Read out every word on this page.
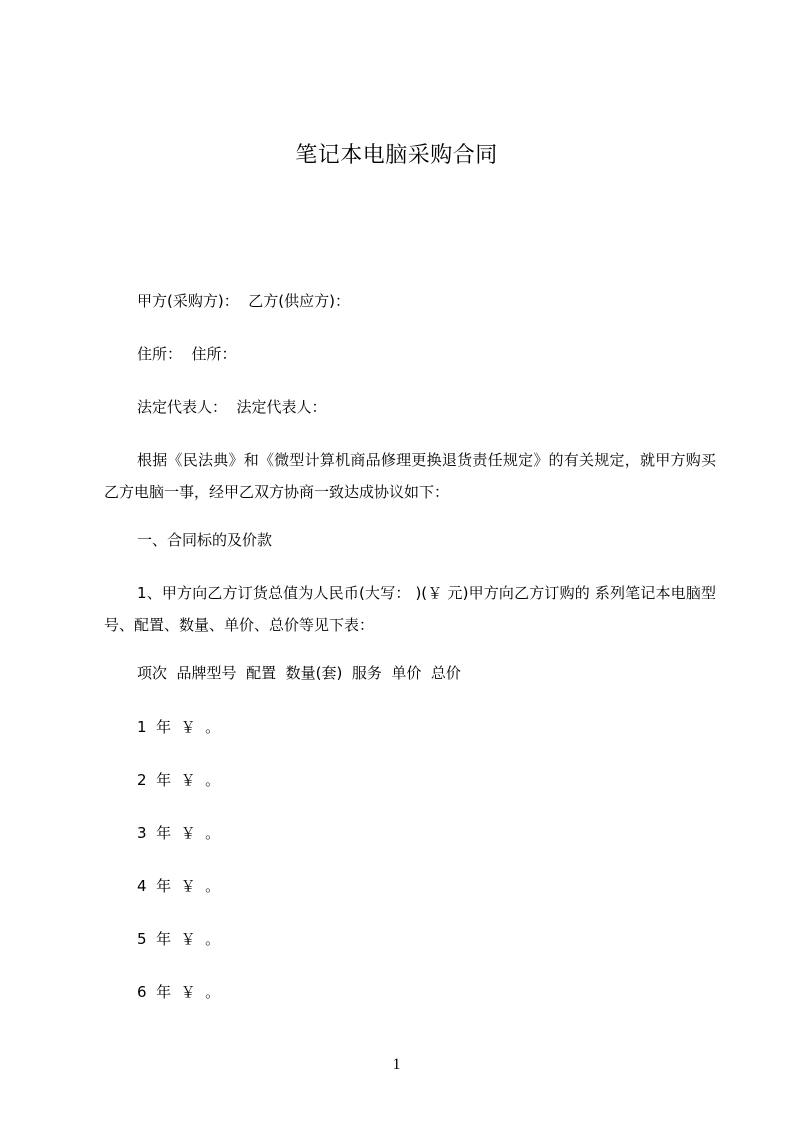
笔记本电脑采购合同
甲方(采购方)：  乙方(供应方)：
住所：  住所：
法定代表人：  法定代表人：
根据《民法典》和《微型计算机商品修理更换退货责任规定》的有关规定，就甲方购买乙方电脑一事，经甲乙双方协商一致达成协议如下：
一、合同标的及价款
1、甲方向乙方订货总值为人民币(大写： )(￥ 元)甲方向乙方订购的 系列笔记本电脑型号、配置、数量、单价、总价等见下表：
项次  品牌型号  配置  数量(套)  服务  单价  总价
1  年  ￥  。
2  年  ￥  。
3  年  ￥  。
4  年  ￥  。
5  年  ￥  。
6  年  ￥  。
1
